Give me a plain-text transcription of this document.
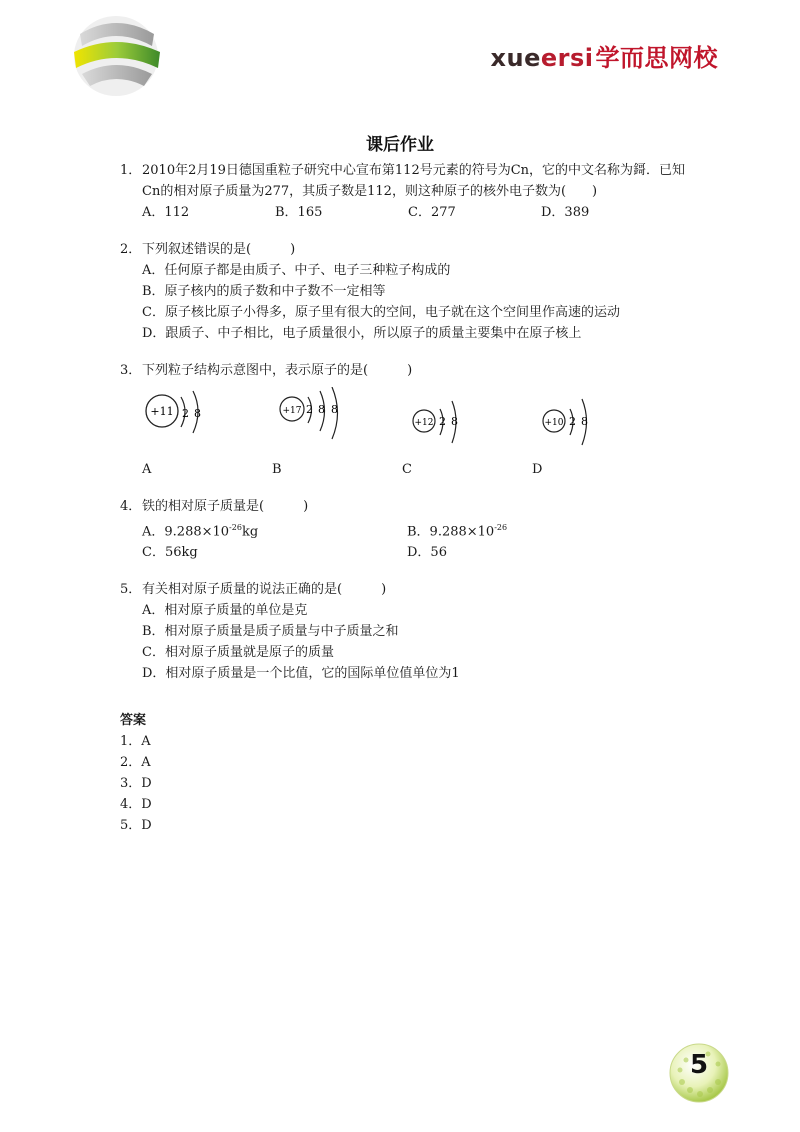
xueersi学而思网校
课后作业
1． 2010年2月19日德国重粒子研究中心宣布第112号元素的符号为Cn，它的中文名称为鎶．已知Cn的相对原子质量为277，其质子数是112，则这种原子的核外电子数为(　　)
A．112	B．165	C．277	D．389
2． 下列叙述错误的是(　　　)
A．任何原子都是由质子、中子、电子三种粒子构成的
B．原子核内的质子数和中子数不一定相等
C．原子核比原子小得多，原子里有很大的空间，电子就在这个空间里作高速的运动
D．跟质子、中子相比，电子质量很小，所以原子的质量主要集中在原子核上
3． 下列粒子结构示意图中，表示原子的是(　　　)
+11 2 8	+17 2 8 8
+12 2 8	+10 2 8
A	B	C	D
4． 铁的相对原子质量是(　　　)
A．$9.288\times 10^{-26}kg$	B．$9.288\times 10^{-26}$
C．56kg	D．56
5． 有关相对原子质量的说法正确的是(　　　)
A．相对原子质量的单位是克
B．相对原子质量是质子质量与中子质量之和
C．相对原子质量就是原子的质量
D．相对原子质量是一个比值，它的国际单位值单位为1
答案
1．A
2．A
3．D
4．D
5．D
5
